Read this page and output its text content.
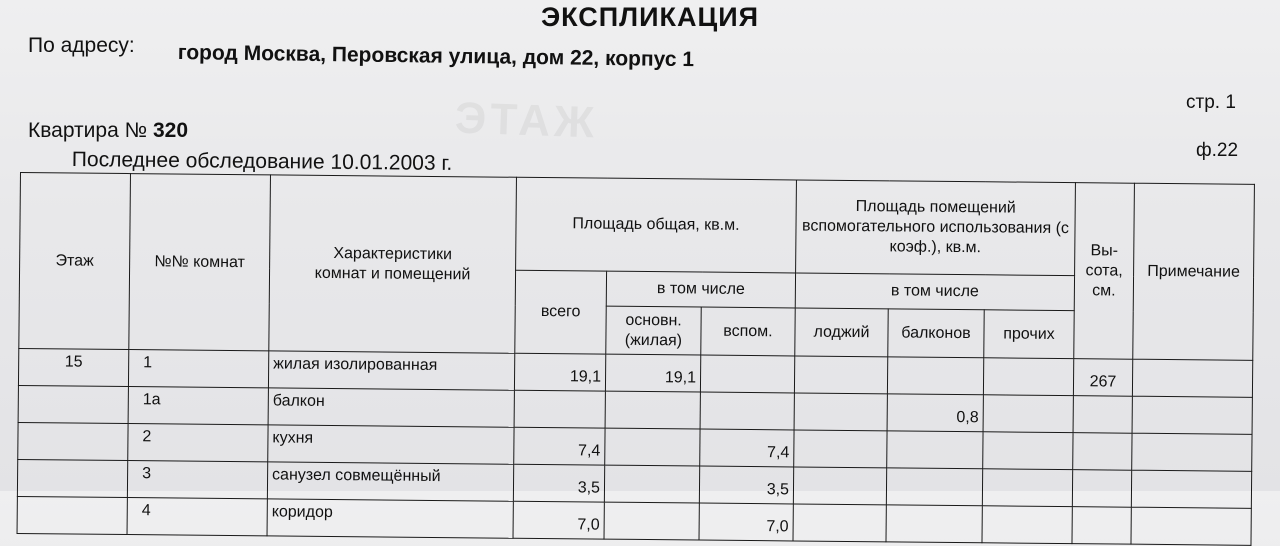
ЭТАЖ
ЭКСПЛИКАЦИЯ
По адресу: город Москва, Перовская улица, дом 22, корпус 1
стр. 1
ф.22
Квартира № 320
Последнее обследование 10.01.2003 г.
Этаж	№№ комнат	Характеристики комнат и помещений	Площадь общая, кв.м.			Площадь помещений вспомогательного использования (с коэф.), кв.м.			Вы-сота, см.	Примечание
			всего	в том числе		в том числе				
				основн. (жилая)	вспом.	лоджий	балконов	прочих		
15	1	жилая изолированная	19,1	19,1					267	
	1а	балкон					0,8			
	2	кухня	7,4		7,4					
	3	санузел совмещённый	3,5		3,5					
	4	коридор	7,0		7,0					
